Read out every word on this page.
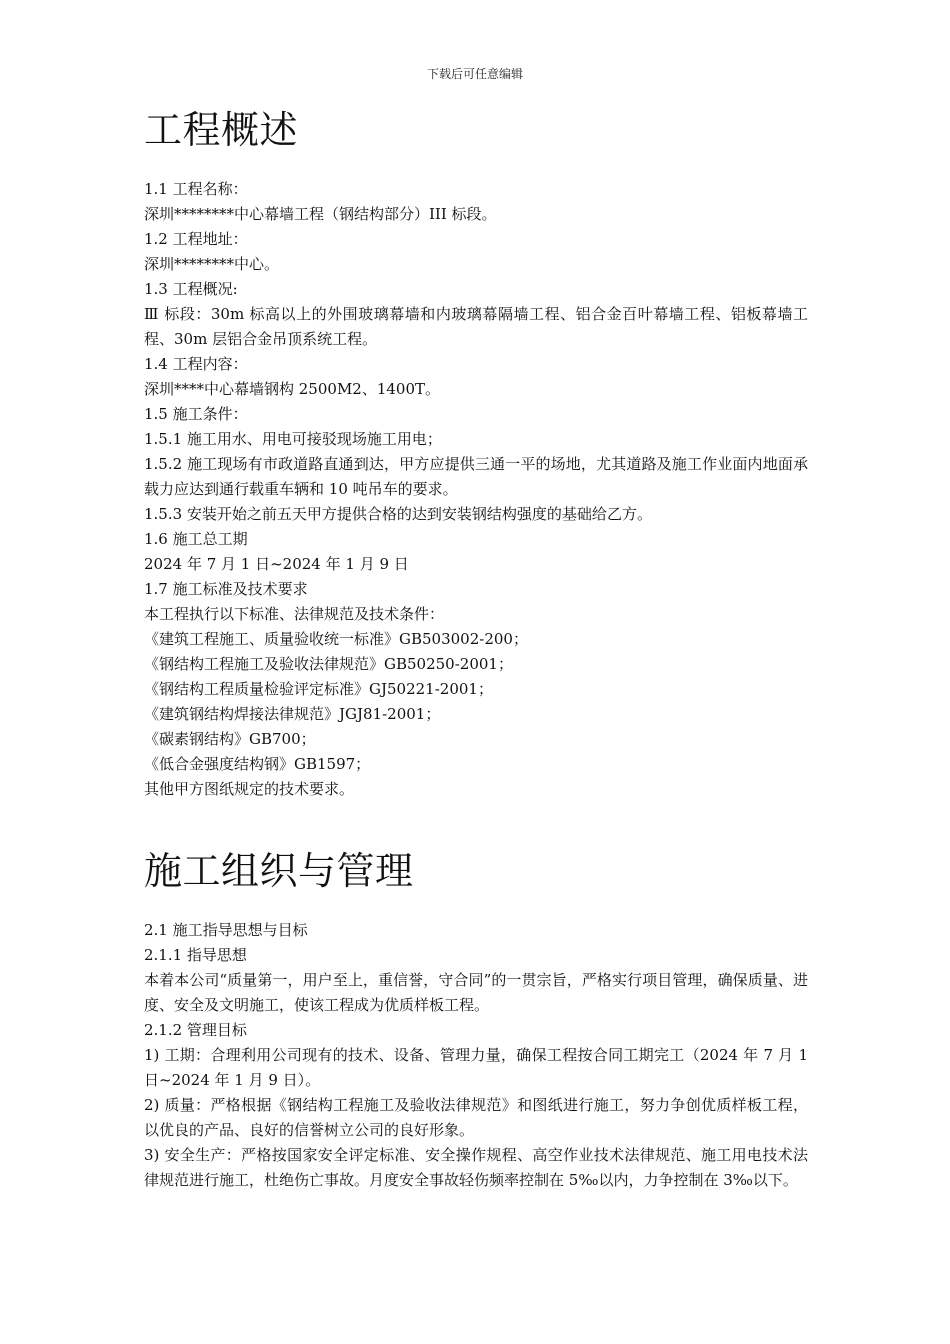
下载后可任意编辑
工程概述
1.1 工程名称：
深圳********中心幕墙工程（钢结构部分）III 标段。
1.2 工程地址：
深圳********中心。
1.3 工程概况:
Ⅲ 标段：30m 标高以上的外围玻璃幕墙和内玻璃幕隔墙工程、铝合金百叶幕墙工程、铝板幕墙工程、30m 层铝合金吊顶系统工程。
1.4 工程内容：
深圳****中心幕墙钢构 2500M2、1400T。
1.5 施工条件：
1.5.1 施工用水、用电可接驳现场施工用电；
1.5.2 施工现场有市政道路直通到达，甲方应提供三通一平的场地，尤其道路及施工作业面内地面承载力应达到通行载重车辆和 10 吨吊车的要求。
1.5.3 安装开始之前五天甲方提供合格的达到安装钢结构强度的基础给乙方。
1.6 施工总工期
2024 年 7 月 1 日~2024 年 1 月 9 日
1.7 施工标准及技术要求
本工程执行以下标准、法律规范及技术条件：
《建筑工程施工、质量验收统一标准》GB503002-200；
《钢结构工程施工及验收法律规范》GB50250-2001；
《钢结构工程质量检验评定标准》GJ50221-2001；
《建筑钢结构焊接法律规范》JGJ81-2001；
《碳素钢结构》GB700；
《低合金强度结构钢》GB1597；
其他甲方图纸规定的技术要求。
施工组织与管理
2.1 施工指导思想与目标
2.1.1 指导思想
本着本公司“质量第一，用户至上，重信誉，守合同”的一贯宗旨，严格实行项目管理，确保质量、进度、安全及文明施工，使该工程成为优质样板工程。
2.1.2 管理目标
1) 工期：合理利用公司现有的技术、设备、管理力量，确保工程按合同工期完工（2024 年 7 月 1 日~2024 年 1 月 9 日）。
2) 质量：严格根据《钢结构工程施工及验收法律规范》和图纸进行施工，努力争创优质样板工程，以优良的产品、良好的信誉树立公司的良好形象。
3) 安全生产：严格按国家安全评定标准、安全操作规程、高空作业技术法律规范、施工用电技术法律规范进行施工，杜绝伤亡事故。月度安全事故轻伤频率控制在 5‰以内，力争控制在 3‰以下。
